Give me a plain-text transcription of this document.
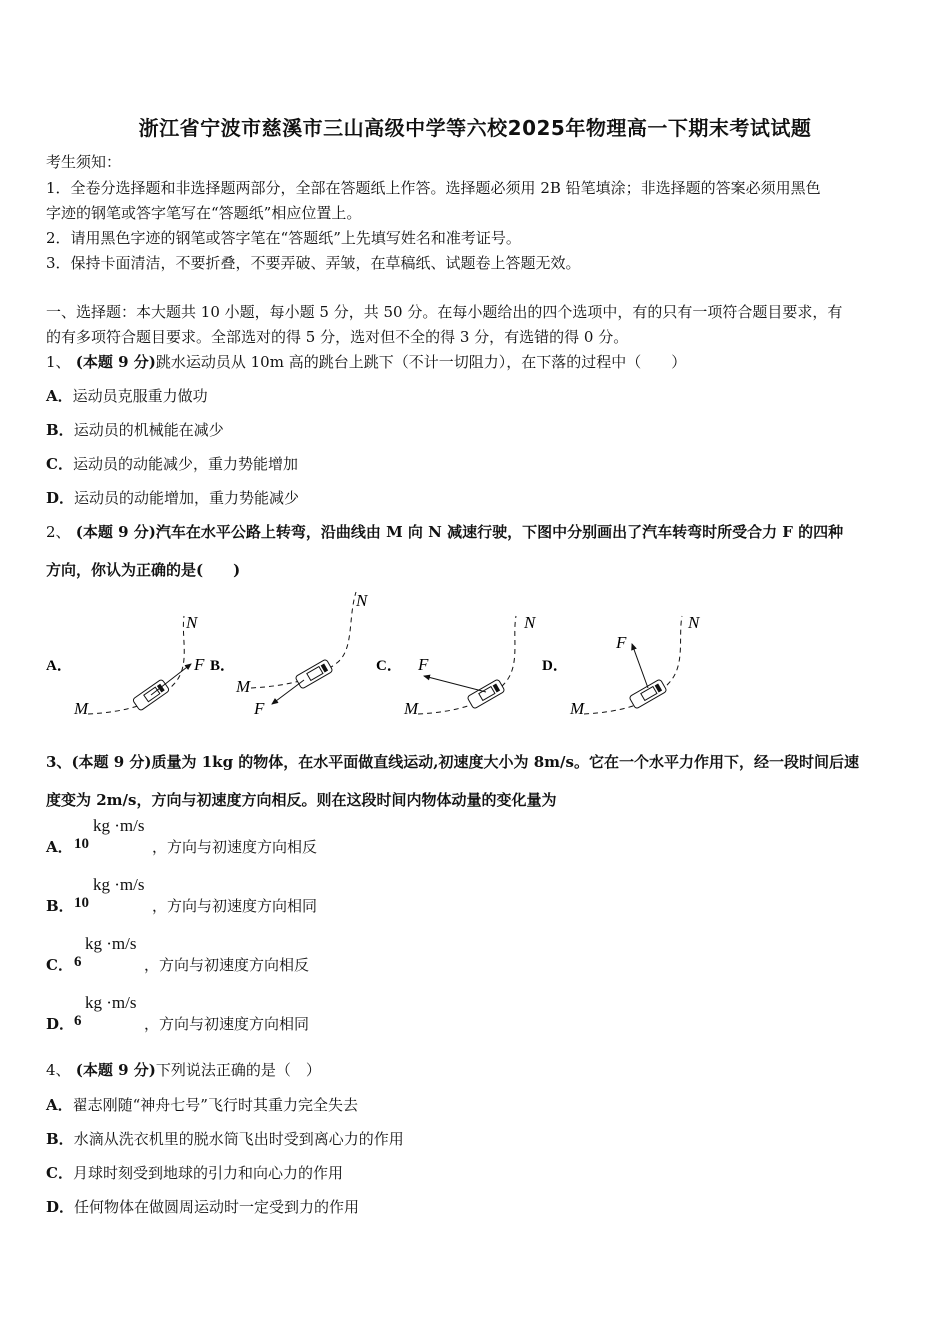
浙江省宁波市慈溪市三山高级中学等六校2025年物理高一下期末考试试题
考生须知：
1．全卷分选择题和非选择题两部分，全部在答题纸上作答。选择题必须用 2B 铅笔填涂；非选择题的答案必须用黑色
字迹的钢笔或答字笔写在“答题纸”相应位置上。
2．请用黑色字迹的钢笔或答字笔在“答题纸”上先填写姓名和准考证号。
3．保持卡面清洁，不要折叠，不要弄破、弄皱，在草稿纸、试题卷上答题无效。
一、选择题：本大题共 10 小题，每小题 5 分，共 50 分。在每小题给出的四个选项中，有的只有一项符合题目要求，有
的有多项符合题目要求。全部选对的得 5 分，选对但不全的得 3 分，有选错的得 0 分。
1、 (本题 9 分)跳水运动员从 10m 高的跳台上跳下（不计一切阻力），在下落的过程中（　　）
A．运动员克服重力做功
B．运动员的机械能在减少
C．运动员的动能减少，重力势能增加
D．运动员的动能增加，重力势能减少
2、 (本题 9 分)汽车在水平公路上转弯，沿曲线由 M 向 N 减速行驶，下图中分别画出了汽车转弯时所受合力 F 的四种
方向，你认为正确的是(　　)
A．
M
N
F B．
M
N
F
C．
M
N
F	D．
M
N
F
3、(本题 9 分)质量为 1kg 的物体，在水平面做直线运动,初速度大小为 8m/s。它在一个水平力作用下，经一段时间后速
度变为 2m/s，方向与初速度方向相反。则在这段时间内物体动量的变化量为
A． 10
kg ·m/s
，方向与初速度方向相反
B． 10
kg ·m/s
，方向与初速度方向相同
C． 6
kg ·m/s
，方向与初速度方向相反
D． 6
kg ·m/s
，方向与初速度方向相同
4、 (本题 9 分)下列说法正确的是（　）
A．翟志刚随“神舟七号”飞行时其重力完全失去
B．水滴从洗衣机里的脱水筒飞出时受到离心力的作用
C．月球时刻受到地球的引力和向心力的作用
D．任何物体在做圆周运动时一定受到力的作用
